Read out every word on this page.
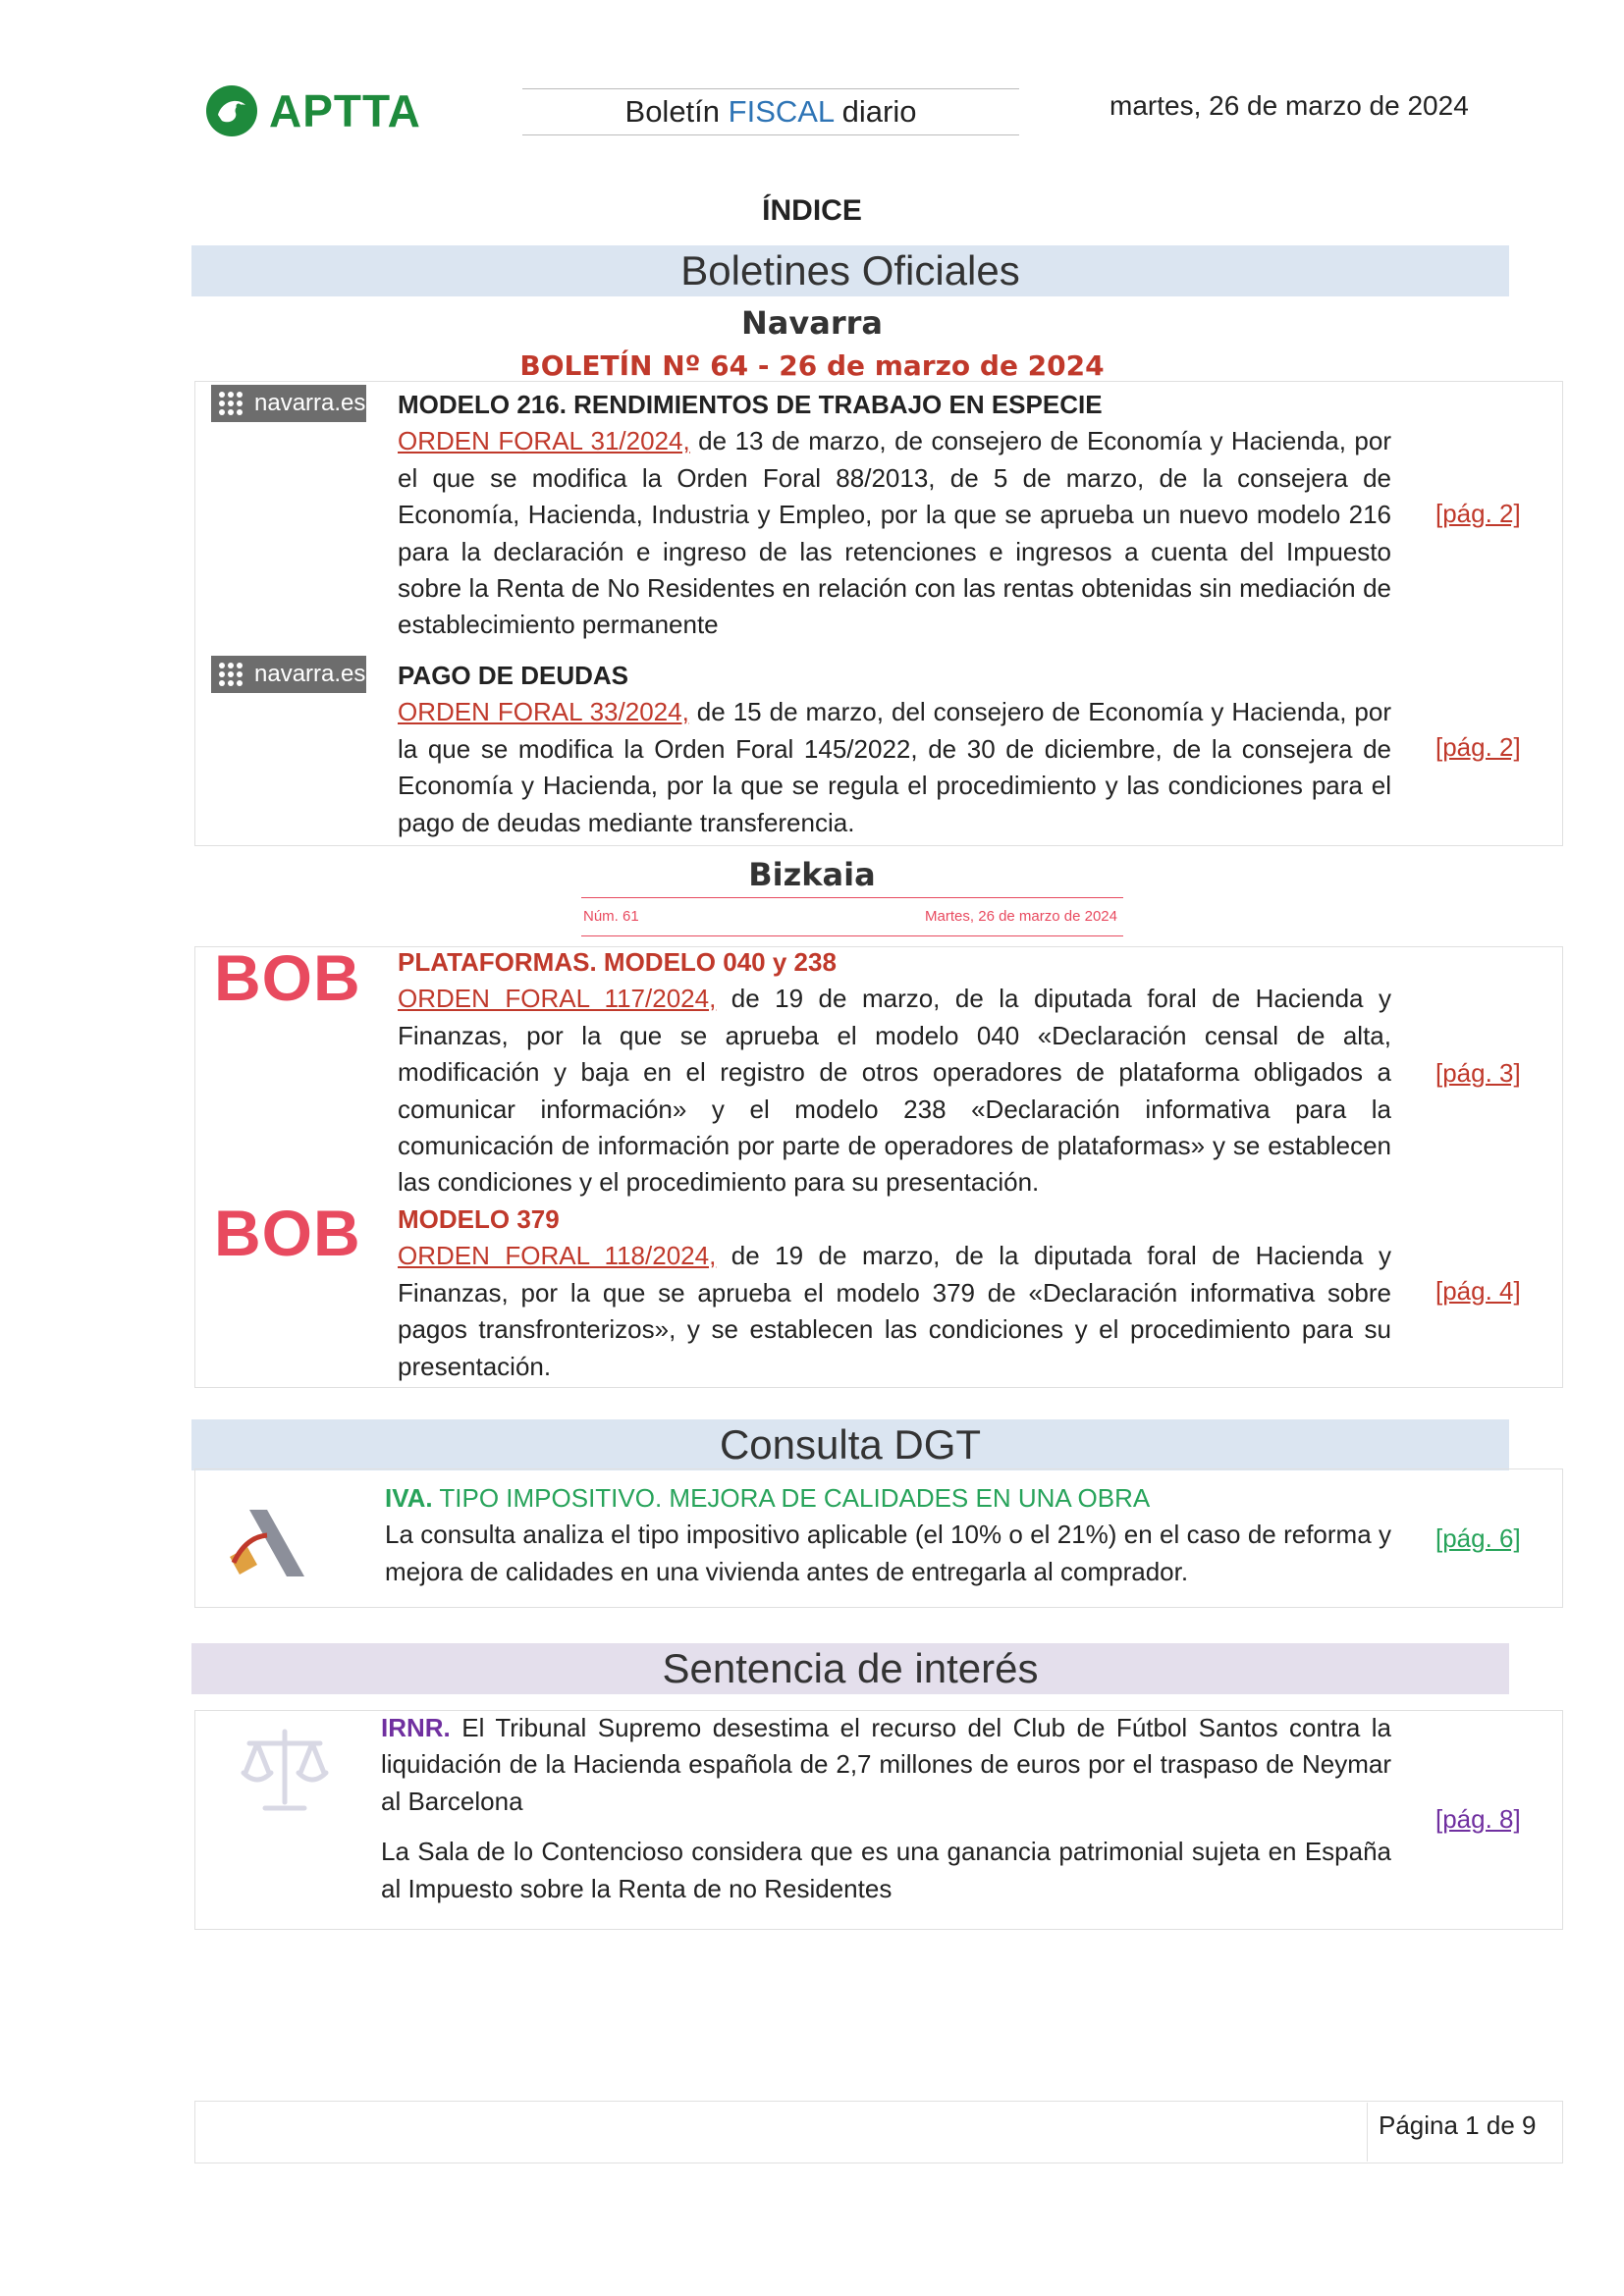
APTTA	Boletín FISCAL diario	martes, 26 de marzo de 2024
ÍNDICE
Boletines Oficiales
Navarra
BOLETÍN Nº 64 - 26 de marzo de 2024
navarra.es MODELO 216. RENDIMIENTOS DE TRABAJO EN ESPECIE
ORDEN FORAL 31/2024, de 13 de marzo, de consejero de Economía y Hacienda, por el que se modifica la Orden Foral 88/2013, de 5 de marzo, de la consejera de Economía, Hacienda, Industria y Empleo, por la que se aprueba un nuevo modelo 216 para la declaración e ingreso de las retenciones e ingresos a cuenta del Impuesto sobre la Renta de No Residentes en relación con las rentas obtenidas sin mediación de establecimiento permanente
[pág. 2]
navarra.es PAGO DE DEUDAS
ORDEN FORAL 33/2024, de 15 de marzo, del consejero de Economía y Hacienda, por la que se modifica la Orden Foral 145/2022, de 30 de diciembre, de la consejera de Economía y Hacienda, por la que se regula el procedimiento y las condiciones para el pago de deudas mediante transferencia.
[pág. 2]
Bizkaia
Núm. 61	Martes, 26 de marzo de 2024
BOB PLATAFORMAS. MODELO 040 y 238
ORDEN FORAL 117/2024, de 19 de marzo, de la diputada foral de Hacienda y Finanzas, por la que se aprueba el modelo 040 «Declaración censal de alta, modificación y baja en el registro de otros operadores de plataforma obligados a comunicar información» y el modelo 238 «Declaración informativa para la comunicación de información por parte de operadores de plataformas» y se establecen las condiciones y el procedimiento para su presentación.
[pág. 3]
BOB MODELO 379
ORDEN FORAL 118/2024, de 19 de marzo, de la diputada foral de Hacienda y Finanzas, por la que se aprueba el modelo 379 de «Declaración informativa sobre pagos transfronterizos», y se establecen las condiciones y el procedimiento para su presentación.
[pág. 4]
Consulta DGT
IVA. TIPO IMPOSITIVO. MEJORA DE CALIDADES EN UNA OBRA
La consulta analiza el tipo impositivo aplicable (el 10% o el 21%) en el caso de reforma y mejora de calidades en una vivienda antes de entregarla al comprador.
[pág. 6]
Sentencia de interés
IRNR. El Tribunal Supremo desestima el recurso del Club de Fútbol Santos contra la liquidación de la Hacienda española de 2,7 millones de euros por el traspaso de Neymar al Barcelona
La Sala de lo Contencioso considera que es una ganancia patrimonial sujeta en España al Impuesto sobre la Renta de no Residentes
[pág. 8]
Página 1 de 9
